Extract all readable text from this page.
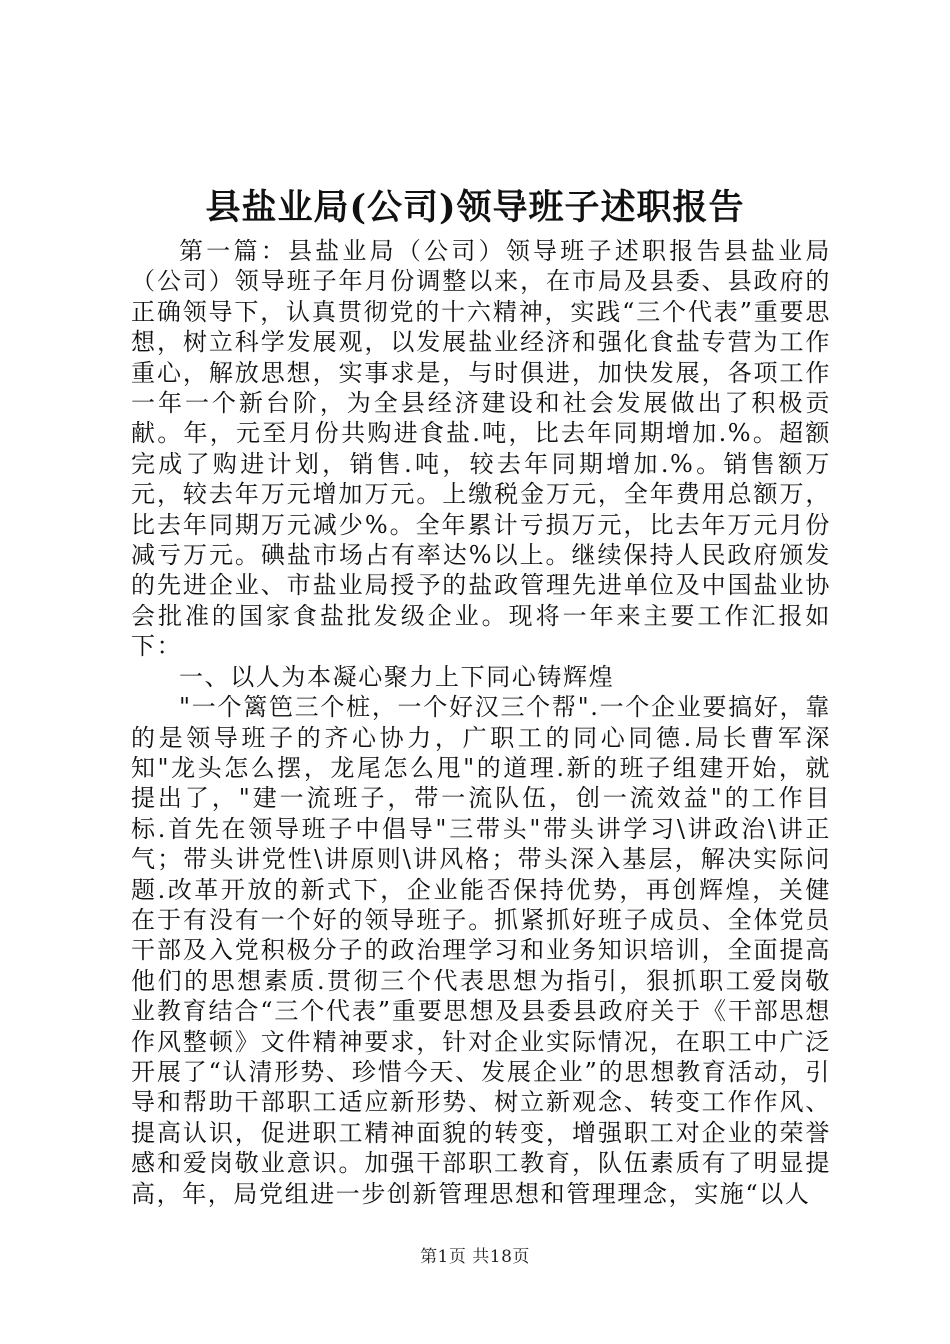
县盐业局(公司)领导班子述职报告

第一篇：县盐业局（公司）领导班子述职报告县盐业局（公司）领导班子年月份调整以来，在市局及县委、县政府的正确领导下，认真贯彻党的十六精神，实践“三个代表”重要思想，树立科学发展观，以发展盐业经济和强化食盐专营为工作重心，解放思想，实事求是，与时俱进，加快发展，各项工作一年一个新台阶，为全县经济建设和社会发展做出了积极贡献。年，元至月份共购进食盐.吨，比去年同期增加.%。超额完成了购进计划，销售.吨，较去年同期增加.%。销售额万元，较去年万元增加万元。上缴税金万元，全年费用总额万，比去年同期万元减少%。全年累计亏损万元，比去年万元月份减亏万元。碘盐市场占有率达%以上。继续保持人民政府颁发的先进企业、市盐业局授予的盐政管理先进单位及中国盐业协会批准的国家食盐批发级企业。现将一年来主要工作汇报如下：

一、以人为本凝心聚力上下同心铸辉煌

"一个篱笆三个桩，一个好汉三个帮".一个企业要搞好，靠的是领导班子的齐心协力，广职工的同心同德.局长曹军深知"龙头怎么摆，龙尾怎么甩"的道理.新的班子组建开始，就提出了，"建一流班子，带一流队伍，创一流效益"的工作目标.首先在领导班子中倡导"三带头"带头讲学习\讲政治\讲正气；带头讲党性\讲原则\讲风格；带头深入基层，解决实际问题.改革开放的新式下，企业能否保持优势，再创辉煌，关健在于有没有一个好的领导班子。抓紧抓好班子成员、全体党员干部及入党积极分子的政治理学习和业务知识培训，全面提高他们的思想素质.贯彻三个代表思想为指引，狠抓职工爱岗敬业教育结合“三个代表”重要思想及县委县政府关于《干部思想作风整顿》文件精神要求，针对企业实际情况，在职工中广泛开展了“认清形势、珍惜今天、发展企业”的思想教育活动，引导和帮助干部职工适应新形势、树立新观念、转变工作作风、提高认识，促进职工精神面貌的转变，增强职工对企业的荣誉感和爱岗敬业意识。加强干部职工教育，队伍素质有了明显提高，年，局党组进一步创新管理思想和管理理念，实施“以人

第1页 共18页
